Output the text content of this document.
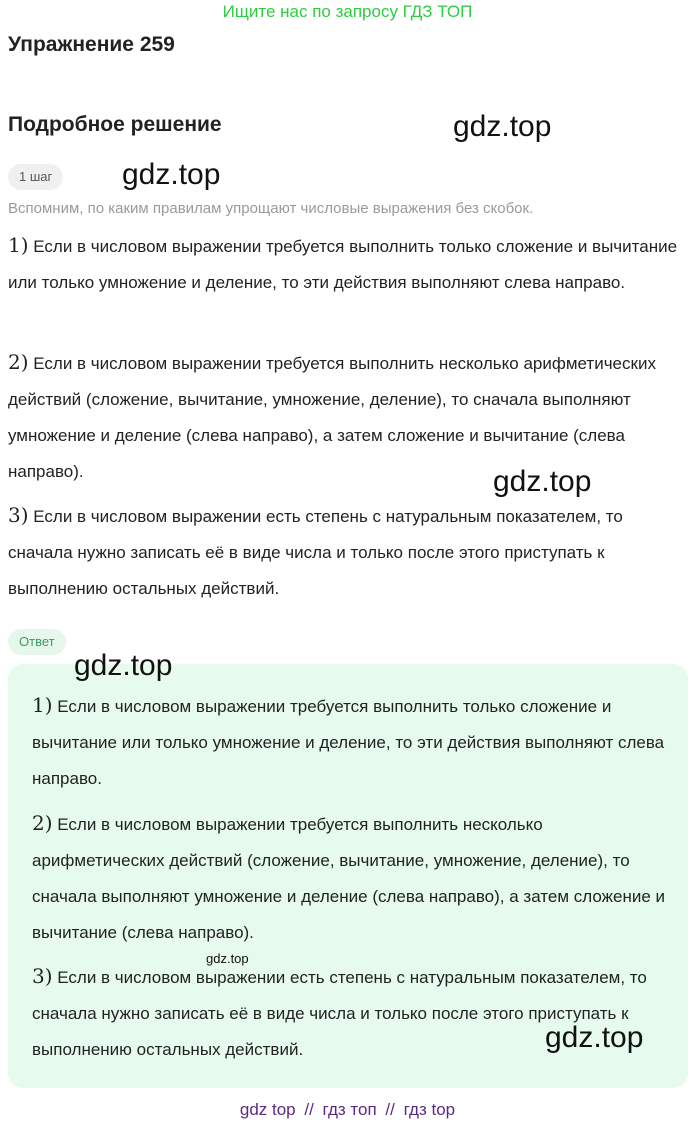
Ищите нас по запросу ГДЗ ТОП
Упражнение 259
Подробное решение	gdz.top
gdz.top
1 шаг
Вспомним, по каким правилам упрощают числовые выражения без скобок.
1) Если в числовом выражении требуется выполнить только сложение и вычитание или только умножение и деление, то эти действия выполняют слева направо.
2) Если в числовом выражении требуется выполнить несколько арифметических действий (сложение, вычитание, умножение, деление), то сначала выполняют умножение и деление (слева направо), а затем сложение и вычитание (слева направо).
3) Если в числовом выражении есть степень с натуральным показателем, то сначала нужно записать её в виде числа и только после этого приступать к выполнению остальных действий.
gdz.top
Ответ
gdz.top
1) Если в числовом выражении требуется выполнить только сложение и вычитание или только умножение и деление, то эти действия выполняют слева направо.
2) Если в числовом выражении требуется выполнить несколько арифметических действий (сложение, вычитание, умножение, деление), то сначала выполняют умножение и деление (слева направо), а затем сложение и вычитание (слева направо).
3) Если в числовом выражении есть степень с натуральным показателем, то сначала нужно записать её в виде числа и только после этого приступать к выполнению остальных действий.
gdz.top
gdz.top
gdz top // гдз топ // гдз top
